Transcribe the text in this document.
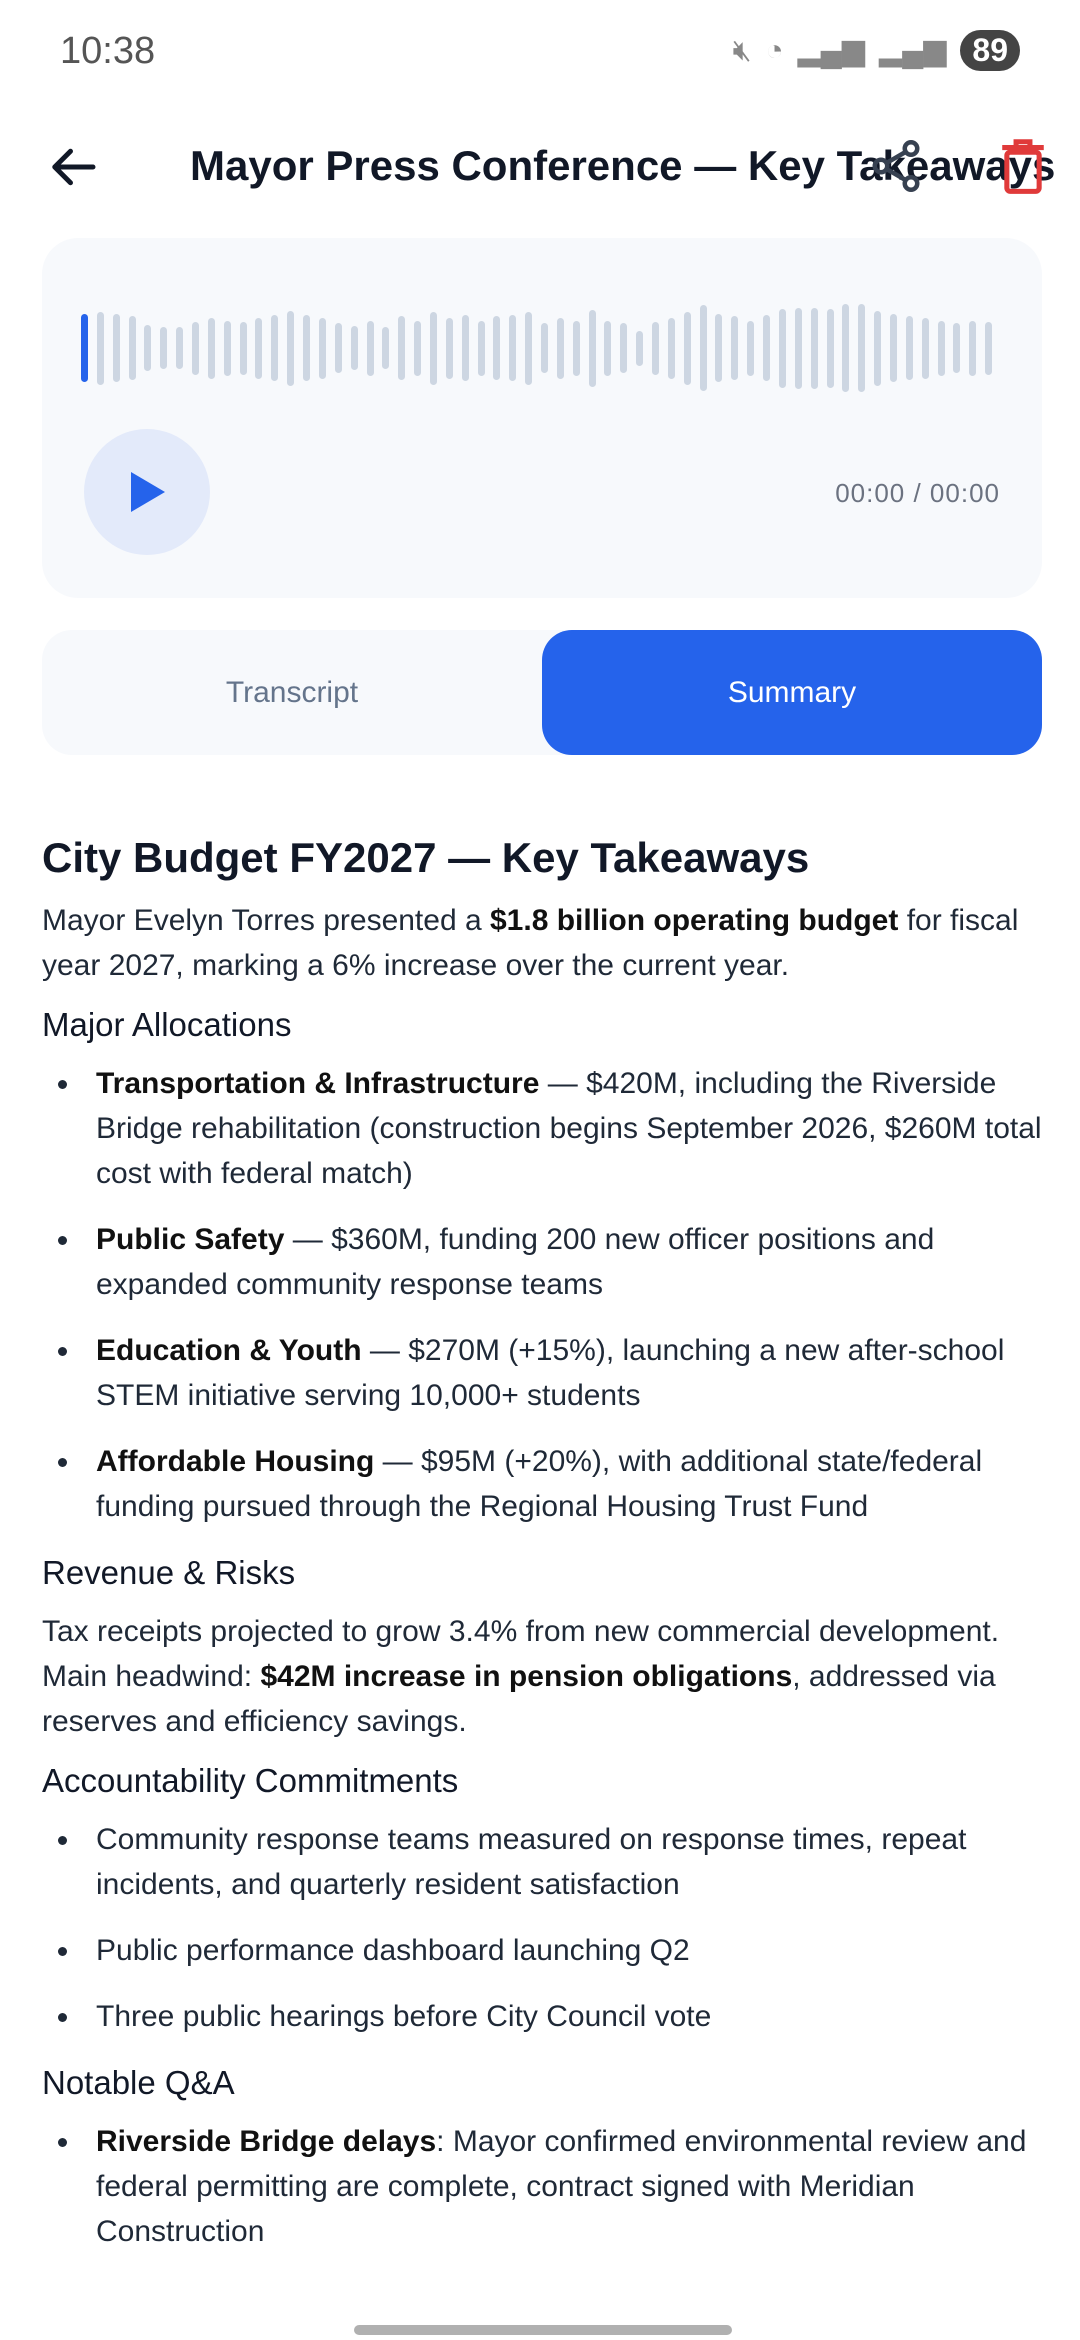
10:38	🔇︎ ◔ ▂▄▆ ▂▄▆ 89
Mayor Press Conference — Key Takeaways
00:00 / 00:00
Transcript	Summary
City Budget FY2027 — Key Takeaways

Mayor Evelyn Torres presented a $1.8 billion operating budget for fiscal year 2027, marking a 6% increase over the current year.

Major Allocations
Transportation & Infrastructure — $420M, including the Riverside Bridge rehabilitation (construction begins September 2026, $260M total cost with federal match)
Public Safety — $360M, funding 200 new officer positions and expanded community response teams
Education & Youth — $270M (+15%), launching a new after-school STEM initiative serving 10,000+ students
Affordable Housing — $95M (+20%), with additional state/federal funding pursued through the Regional Housing Trust Fund
Revenue & Risks

Tax receipts projected to grow 3.4% from new commercial development. Main headwind: $42M increase in pension obligations, addressed via reserves and efficiency savings.

Accountability Commitments
Community response teams measured on response times, repeat incidents, and quarterly resident satisfaction
Public performance dashboard launching Q2
Three public hearings before City Council vote
Notable Q&A
Riverside Bridge delays: Mayor confirmed environmental review and federal permitting are complete, contract signed with Meridian Construction
